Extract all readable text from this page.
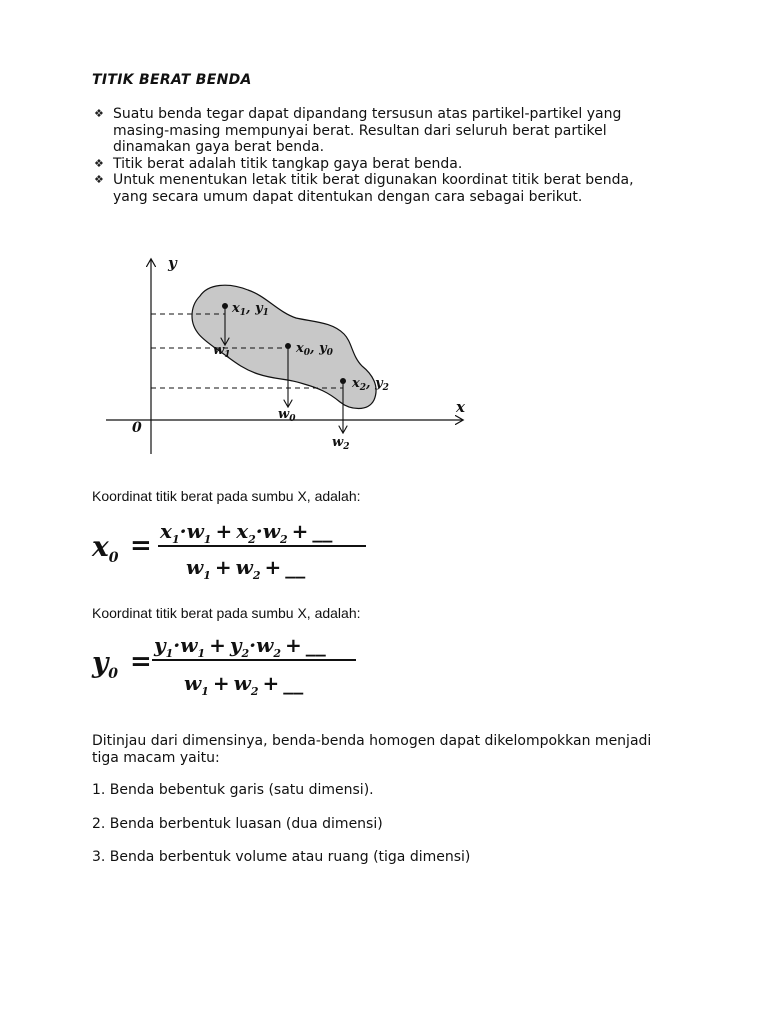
TITIK BERAT BENDA
❖ Suatu benda tegar dapat dipandang tersusun atas partikel-partikel yang masing-masing mempunyai berat. Resultan dari seluruh berat partikel dinamakan gaya berat benda.
❖ Titik berat adalah titik tangkap gaya berat benda.
❖ Untuk menentukan letak titik berat digunakan koordinat titik berat benda, yang secara umum dapat ditentukan dengan cara sebagai berikut.
y
x
0
$x_1$, $y_1$
$w_1$	$x_0$, $y_0$
$w_0$
$x_2$, $y_2$
$w_2$
Koordinat titik berat pada sumbu X, adalah:
$x_0 = x_1\cdot w_1 + x_2\cdot w_2$ + __
$w_1 + w_2$ + __
Koordinat titik berat pada sumbu X, adalah:
$y_0$ =
$y_1\cdot w_1 + y_2\cdot w_2$ + __
$w_1 + w_2$ + __
Ditinjau dari dimensinya, benda-benda homogen dapat dikelompokkan menjadi tiga macam yaitu:
1. Benda bebentuk garis (satu dimensi).
2. Benda berbentuk luasan (dua dimensi)
3. Benda berbentuk volume atau ruang (tiga dimensi)
